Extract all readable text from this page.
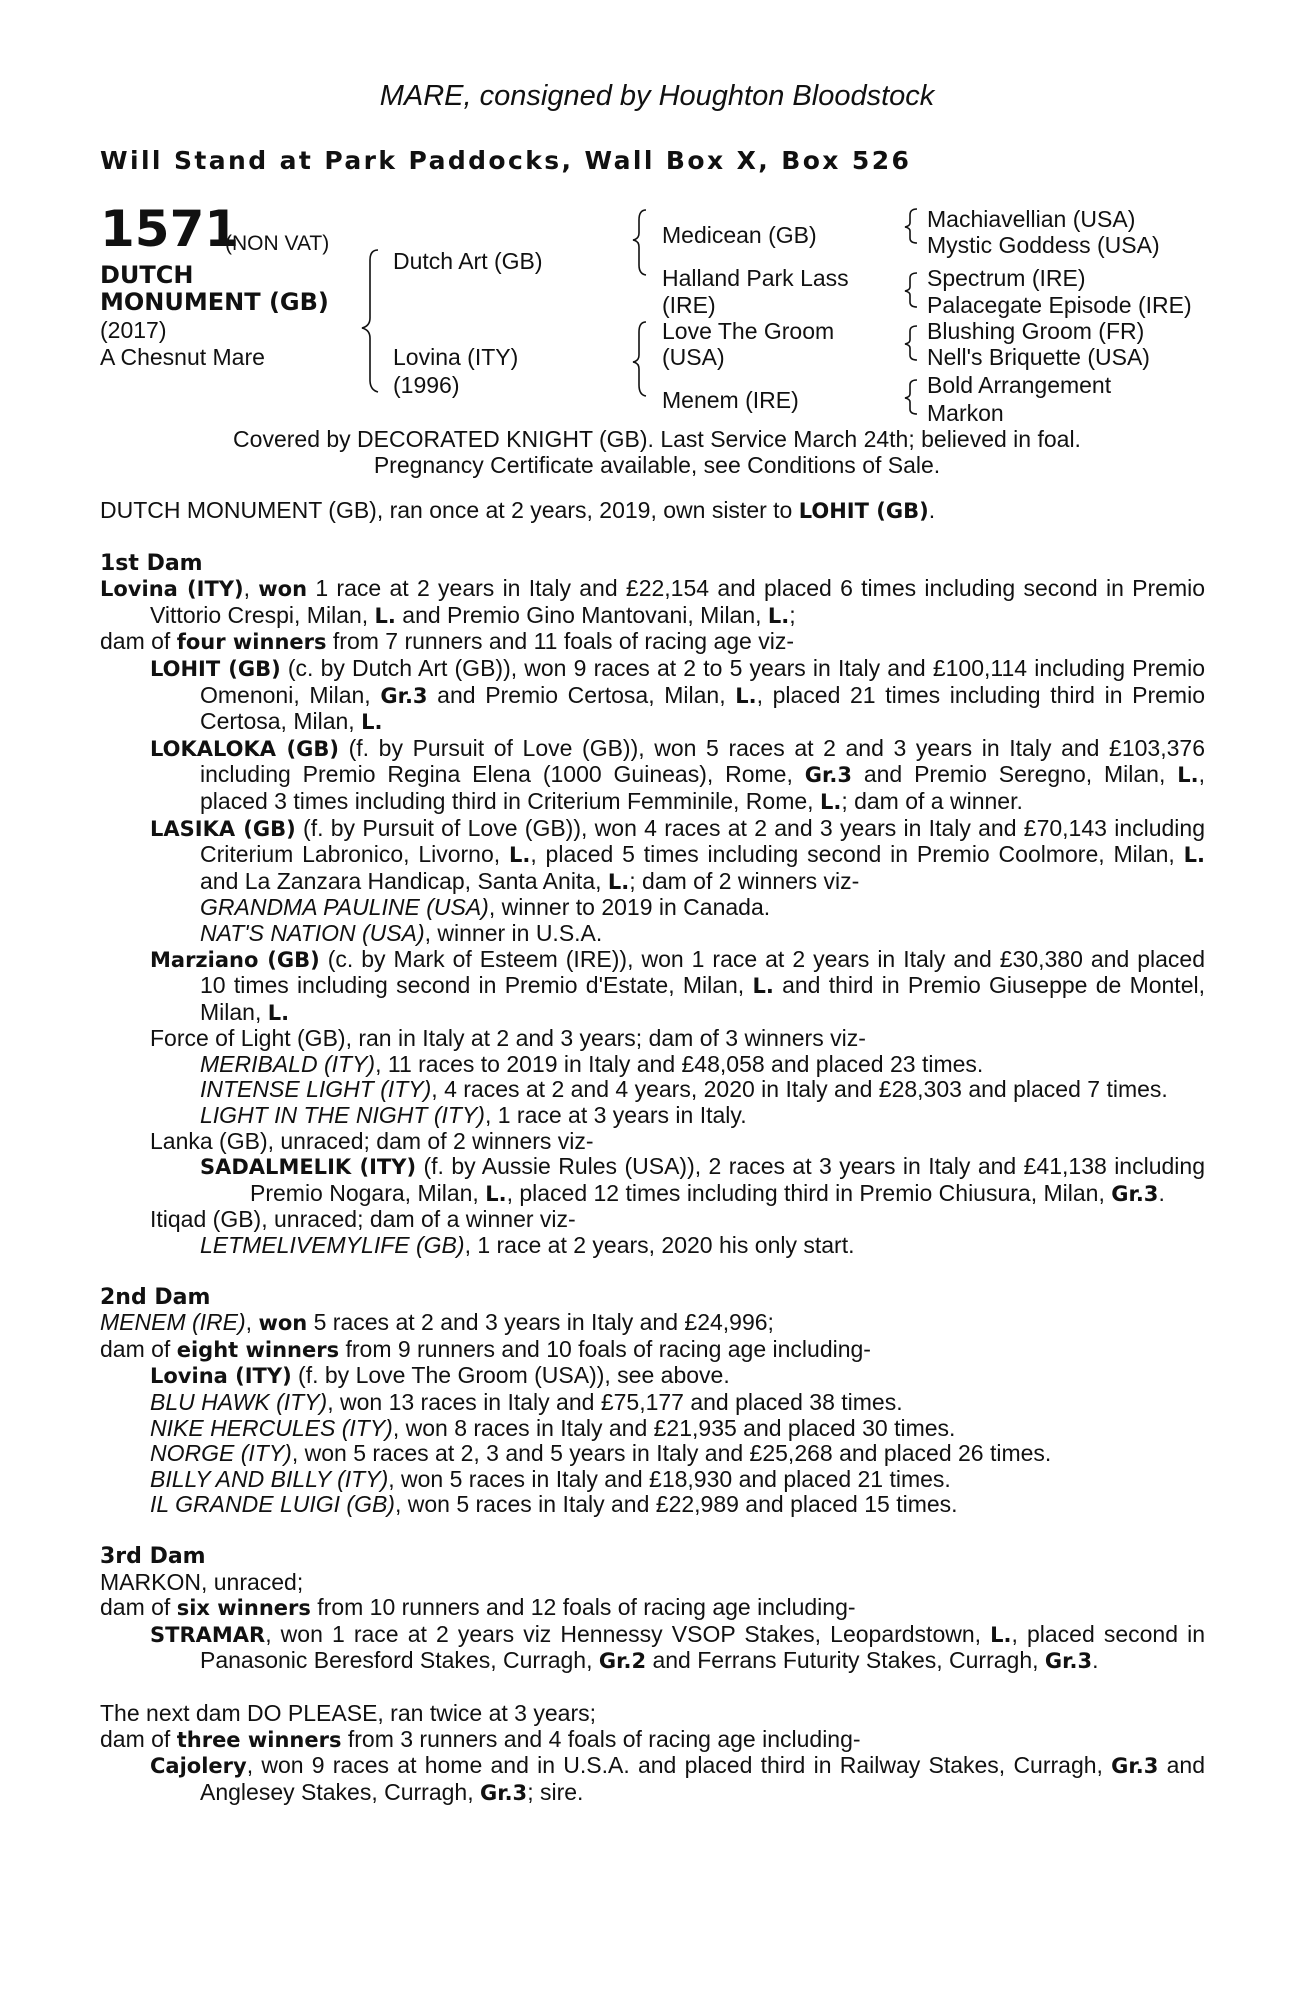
MARE, consigned by Houghton Bloodstock
Will Stand at Park Paddocks, Wall Box X, Box 526
1571
(NON VAT)
DUTCH
MONUMENT (GB)
(2017)
A Chesnut Mare
Dutch Art (GB)
Lovina (ITY)
(1996)
Medicean (GB)
Halland Park Lass
(IRE)
Love The Groom
(USA)
Menem (IRE)
Machiavellian (USA)
Mystic Goddess (USA)
Spectrum (IRE)
Palacegate Episode (IRE)
Blushing Groom (FR)
Nell's Briquette (USA)
Bold Arrangement
Markon
Covered by DECORATED KNIGHT (GB). Last Service March 24th; believed in foal.
Pregnancy Certificate available, see Conditions of Sale.

DUTCH MONUMENT (GB), ran once at 2 years, 2019, own sister to LOHIT (GB).

1st Dam

Lovina (ITY), won 1 race at 2 years in Italy and £22,154 and placed 6 times including second in Premio Vittorio Crespi, Milan, L. and Premio Gino Mantovani, Milan, L.;

dam of four winners from 7 runners and 11 foals of racing age viz-

LOHIT (GB) (c. by Dutch Art (GB)), won 9 races at 2 to 5 years in Italy and £100,114 including Premio Omenoni, Milan, Gr.3 and Premio Certosa, Milan, L., placed 21 times including third in Premio Certosa, Milan, L.

LOKALOKA (GB) (f. by Pursuit of Love (GB)), won 5 races at 2 and 3 years in Italy and £103,376 including Premio Regina Elena (1000 Guineas), Rome, Gr.3 and Premio Seregno, Milan, L., placed 3 times including third in Criterium Femminile, Rome, L.; dam of a winner.

LASIKA (GB) (f. by Pursuit of Love (GB)), won 4 races at 2 and 3 years in Italy and £70,143 including Criterium Labronico, Livorno, L., placed 5 times including second in Premio Coolmore, Milan, L. and La Zanzara Handicap, Santa Anita, L.; dam of 2 winners viz-

GRANDMA PAULINE (USA), winner to 2019 in Canada.

NAT'S NATION (USA), winner in U.S.A.

Marziano (GB) (c. by Mark of Esteem (IRE)), won 1 race at 2 years in Italy and £30,380 and placed 10 times including second in Premio d'Estate, Milan, L. and third in Premio Giuseppe de Montel, Milan, L.

Force of Light (GB), ran in Italy at 2 and 3 years; dam of 3 winners viz-

MERIBALD (ITY), 11 races to 2019 in Italy and £48,058 and placed 23 times.

INTENSE LIGHT (ITY), 4 races at 2 and 4 years, 2020 in Italy and £28,303 and placed 7 times.

LIGHT IN THE NIGHT (ITY), 1 race at 3 years in Italy.

Lanka (GB), unraced; dam of 2 winners viz-

SADALMELIK (ITY) (f. by Aussie Rules (USA)), 2 races at 3 years in Italy and £41,138 including Premio Nogara, Milan, L., placed 12 times including third in Premio Chiusura, Milan, Gr.3.

Itiqad (GB), unraced; dam of a winner viz-

LETMELIVEMYLIFE (GB), 1 race at 2 years, 2020 his only start.

2nd Dam

MENEM (IRE), won 5 races at 2 and 3 years in Italy and £24,996;

dam of eight winners from 9 runners and 10 foals of racing age including-

Lovina (ITY) (f. by Love The Groom (USA)), see above.

BLU HAWK (ITY), won 13 races in Italy and £75,177 and placed 38 times.

NIKE HERCULES (ITY), won 8 races in Italy and £21,935 and placed 30 times.

NORGE (ITY), won 5 races at 2, 3 and 5 years in Italy and £25,268 and placed 26 times.

BILLY AND BILLY (ITY), won 5 races in Italy and £18,930 and placed 21 times.

IL GRANDE LUIGI (GB), won 5 races in Italy and £22,989 and placed 15 times.

3rd Dam

MARKON, unraced;

dam of six winners from 10 runners and 12 foals of racing age including-

STRAMAR, won 1 race at 2 years viz Hennessy VSOP Stakes, Leopardstown, L., placed second in Panasonic Beresford Stakes, Curragh, Gr.2 and Ferrans Futurity Stakes, Curragh, Gr.3.

The next dam DO PLEASE, ran twice at 3 years;

dam of three winners from 3 runners and 4 foals of racing age including-

Cajolery, won 9 races at home and in U.S.A. and placed third in Railway Stakes, Curragh, Gr.3 and Anglesey Stakes, Curragh, Gr.3; sire.
